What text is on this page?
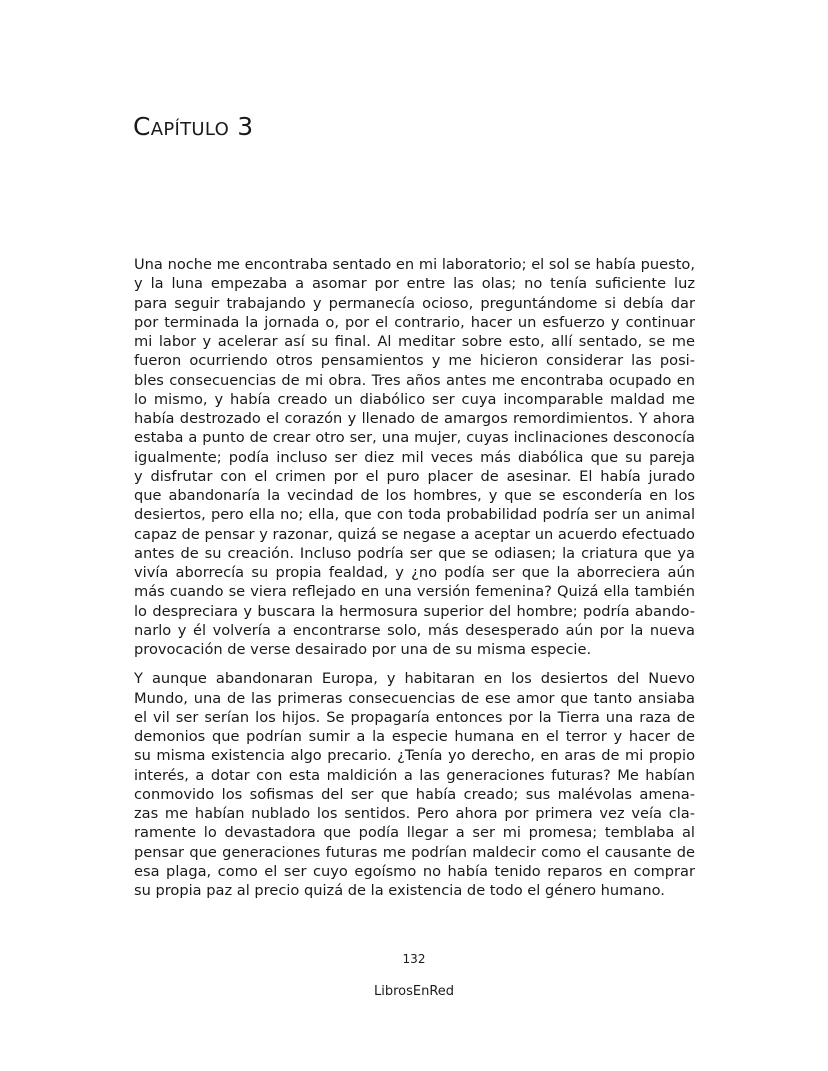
Capítulo 3
Una noche me encontraba sentado en mi laboratorio; el sol se había puesto,
y la luna empezaba a asomar por entre las olas; no tenía suficiente luz
para seguir trabajando y permanecía ocioso, preguntándome si debía dar
por terminada la jornada o, por el contrario, hacer un esfuerzo y continuar
mi labor y acelerar así su final. Al meditar sobre esto, allí sentado, se me
fueron ocurriendo otros pensamientos y me hicieron considerar las posi-
bles consecuencias de mi obra. Tres años antes me encontraba ocupado en
lo mismo, y había creado un diabólico ser cuya incomparable maldad me
había destrozado el corazón y llenado de amargos remordimientos. Y ahora
estaba a punto de crear otro ser, una mujer, cuyas inclinaciones desconocía
igualmente; podía incluso ser diez mil veces más diabólica que su pareja
y disfrutar con el crimen por el puro placer de asesinar. El había jurado
que abandonaría la vecindad de los hombres, y que se escondería en los
desiertos, pero ella no; ella, que con toda probabilidad podría ser un animal
capaz de pensar y razonar, quizá se negase a aceptar un acuerdo efectuado
antes de su creación. Incluso podría ser que se odiasen; la criatura que ya
vivía aborrecía su propia fealdad, y ¿no podía ser que la aborreciera aún
más cuando se viera reflejado en una versión femenina? Quizá ella también
lo despreciara y buscara la hermosura superior del hombre; podría abando-
narlo y él volvería a encontrarse solo, más desesperado aún por la nueva
provocación de verse desairado por una de su misma especie.
Y aunque abandonaran Europa, y habitaran en los desiertos del Nuevo
Mundo, una de las primeras consecuencias de ese amor que tanto ansiaba
el vil ser serían los hijos. Se propagaría entonces por la Tierra una raza de
demonios que podrían sumir a la especie humana en el terror y hacer de
su misma existencia algo precario. ¿Tenía yo derecho, en aras de mi propio
interés, a dotar con esta maldición a las generaciones futuras? Me habían
conmovido los sofismas del ser que había creado; sus malévolas amena-
zas me habían nublado los sentidos. Pero ahora por primera vez veía cla-
ramente lo devastadora que podía llegar a ser mi promesa; temblaba al
pensar que generaciones futuras me podrían maldecir como el causante de
esa plaga, como el ser cuyo egoísmo no había tenido reparos en comprar
su propia paz al precio quizá de la existencia de todo el género humano.
132
LibrosEnRed
